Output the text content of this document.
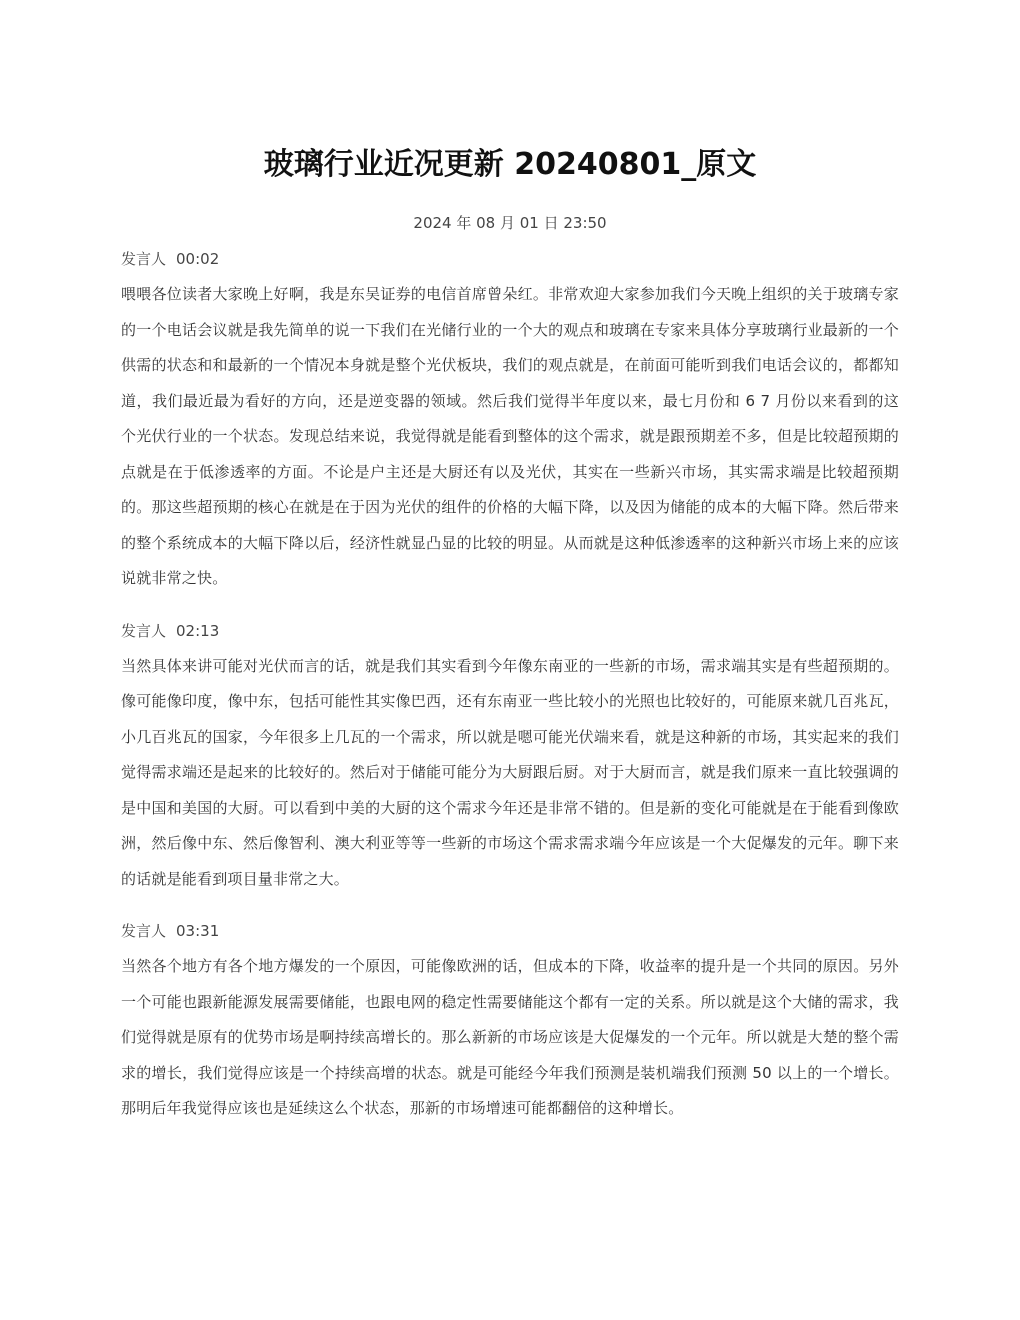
玻璃行业近况更新 20240801_原文
2024 年 08 月 01 日 23:50
发言人 00:02

喂喂各位读者大家晚上好啊，我是东吴证券的电信首席曾朵红。非常欢迎大家参加我们今天晚上组织的关于玻璃专家的一个电话会议就是我先简单的说一下我们在光储行业的一个大的观点和玻璃在专家来具体分享玻璃行业最新的一个供需的状态和和最新的一个情况本身就是整个光伏板块，我们的观点就是，在前面可能听到我们电话会议的，都都知道，我们最近最为看好的方向，还是逆变器的领域。然后我们觉得半年度以来，最七月份和 6 7 月份以来看到的这个光伏行业的一个状态。发现总结来说，我觉得就是能看到整体的这个需求，就是跟预期差不多，但是比较超预期的点就是在于低渗透率的方面。不论是户主还是大厨还有以及光伏，其实在一些新兴市场，其实需求端是比较超预期的。那这些超预期的核心在就是在于因为光伏的组件的价格的大幅下降，以及因为储能的成本的大幅下降。然后带来的整个系统成本的大幅下降以后，经济性就显凸显的比较的明显。从而就是这种低渗透率的这种新兴市场上来的应该说就非常之快。

发言人 02:13

当然具体来讲可能对光伏而言的话，就是我们其实看到今年像东南亚的一些新的市场，需求端其实是有些超预期的。像可能像印度，像中东，包括可能性其实像巴西，还有东南亚一些比较小的光照也比较好的，可能原来就几百兆瓦，小几百兆瓦的国家，今年很多上几瓦的一个需求，所以就是嗯可能光伏端来看，就是这种新的市场，其实起来的我们觉得需求端还是起来的比较好的。然后对于储能可能分为大厨跟后厨。对于大厨而言，就是我们原来一直比较强调的是中国和美国的大厨。可以看到中美的大厨的这个需求今年还是非常不错的。但是新的变化可能就是在于能看到像欧洲，然后像中东、然后像智利、澳大利亚等等一些新的市场这个需求需求端今年应该是一个大促爆发的元年。聊下来的话就是能看到项目量非常之大。

发言人 03:31

当然各个地方有各个地方爆发的一个原因，可能像欧洲的话，但成本的下降，收益率的提升是一个共同的原因。另外一个可能也跟新能源发展需要储能，也跟电网的稳定性需要储能这个都有一定的关系。所以就是这个大储的需求，我们觉得就是原有的优势市场是啊持续高增长的。那么新新的市场应该是大促爆发的一个元年。所以就是大楚的整个需求的增长，我们觉得应该是一个持续高增的状态。就是可能经今年我们预测是装机端我们预测 50 以上的一个增长。那明后年我觉得应该也是延续这么个状态，那新的市场增速可能都翻倍的这种增长。
